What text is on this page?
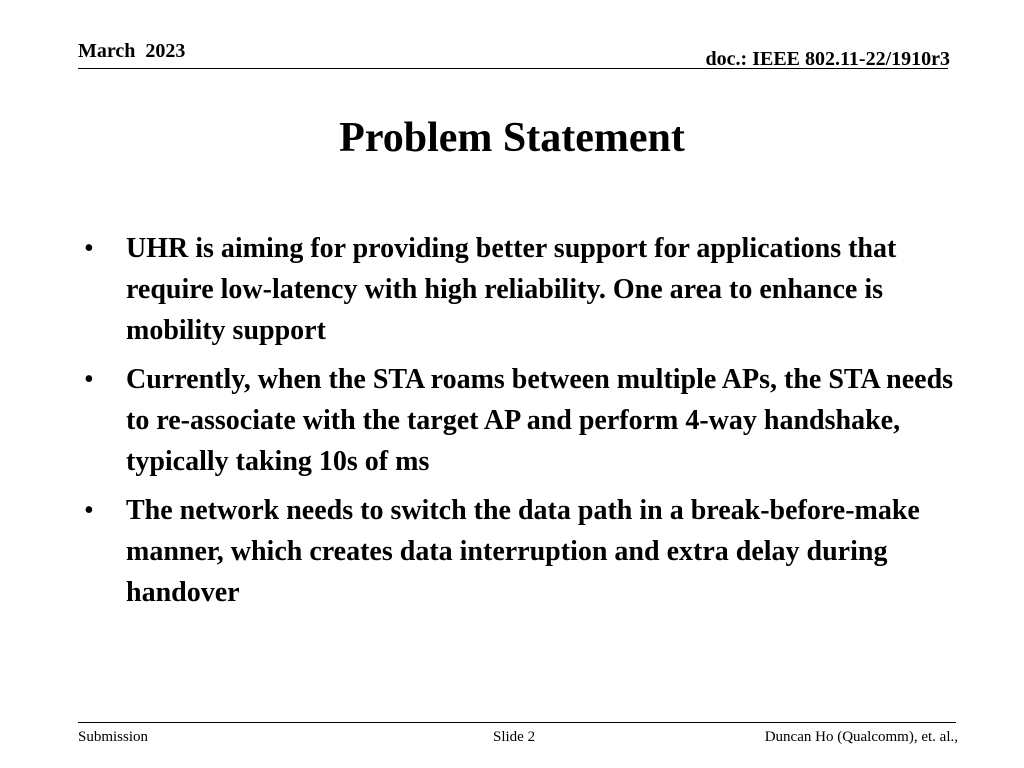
March  2023	doc.: IEEE 802.11-22/1910r3
Problem Statement
• UHR is aiming for providing better support for applications that require low-latency with high reliability. One area to enhance is mobility support
• Currently, when the STA roams between multiple APs, the STA needs to re-associate with the target AP and perform 4-way handshake, typically taking 10s of ms
• The network needs to switch the data path in a break-before-make manner, which creates data interruption and extra delay during handover
Submission	Slide 2	Duncan Ho (Qualcomm), et. al.,
